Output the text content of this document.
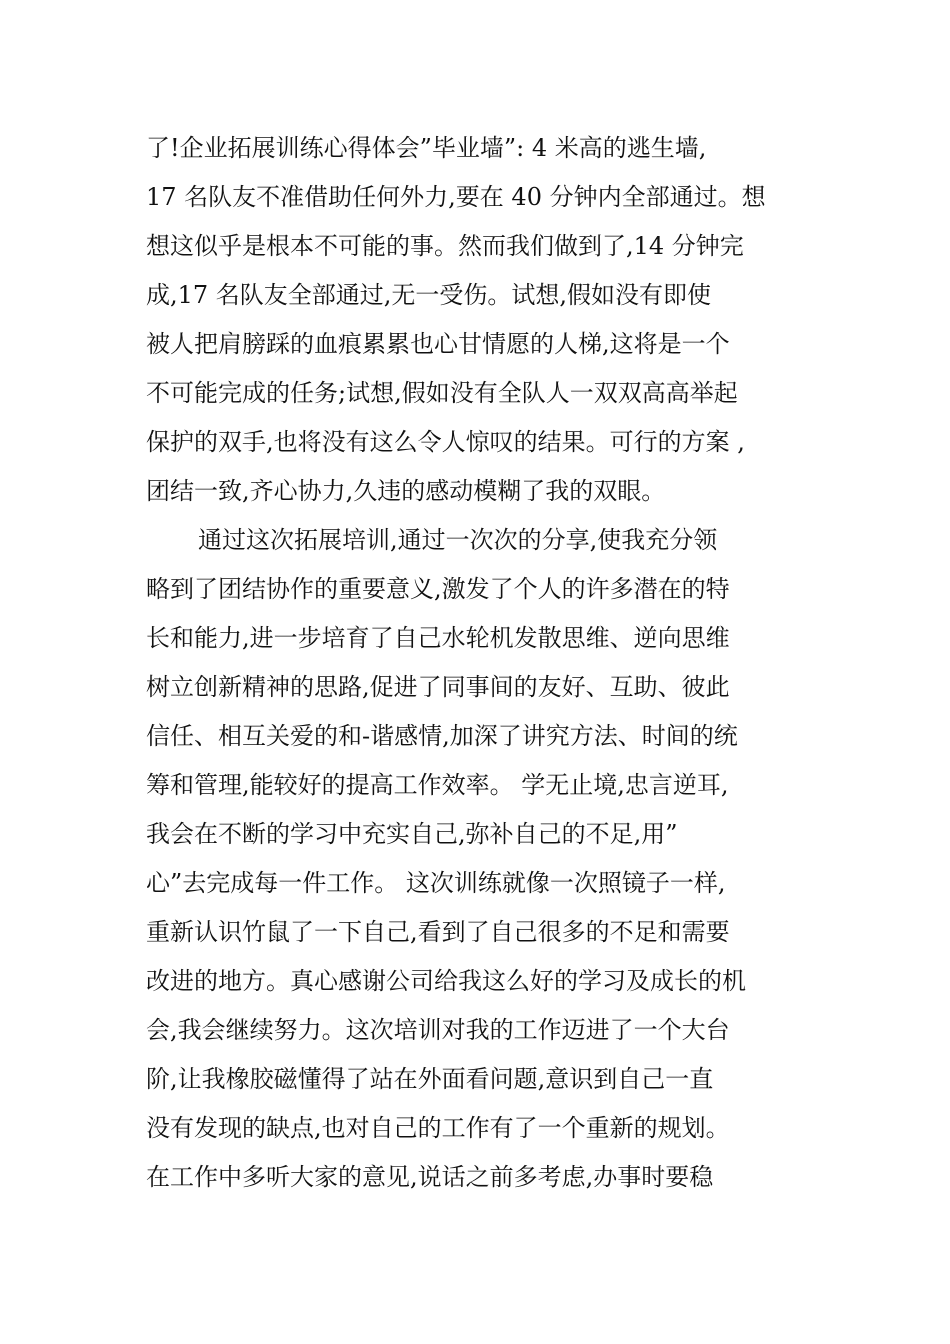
了!企业拓展训练心得体会”毕业墙”: 4 米高的逃生墙,
17 名队友不准借助任何外力,要在 40 分钟内全部通过。想
想这似乎是根本不可能的事。然而我们做到了,14 分钟完
成,17 名队友全部通过,无一受伤。试想,假如没有即使
被人把肩膀踩的血痕累累也心甘情愿的人梯,这将是一个
不可能完成的任务;试想,假如没有全队人一双双高高举起
保护的双手,也将没有这么令人惊叹的结果。可行的方案 ,
团结一致,齐心协力,久违的感动模糊了我的双眼。
通过这次拓展培训,通过一次次的分享,使我充分领
略到了团结协作的重要意义,激发了个人的许多潜在的特
长和能力,进一步培育了自己水轮机发散思维、逆向思维
树立创新精神的思路,促进了同事间的友好、互助、彼此
信任、相互关爱的和-谐感情,加深了讲究方法、时间的统
筹和管理,能较好的提高工作效率。 学无止境,忠言逆耳,
我会在不断的学习中充实自己,弥补自己的不足,用”
心”去完成每一件工作。 这次训练就像一次照镜子一样,
重新认识竹鼠了一下自己,看到了自己很多的不足和需要
改进的地方。真心感谢公司给我这么好的学习及成长的机
会,我会继续努力。这次培训对我的工作迈进了一个大台
阶,让我橡胶磁懂得了站在外面看问题,意识到自己一直
没有发现的缺点,也对自己的工作有了一个重新的规划。
在工作中多听大家的意见,说话之前多考虑,办事时要稳
